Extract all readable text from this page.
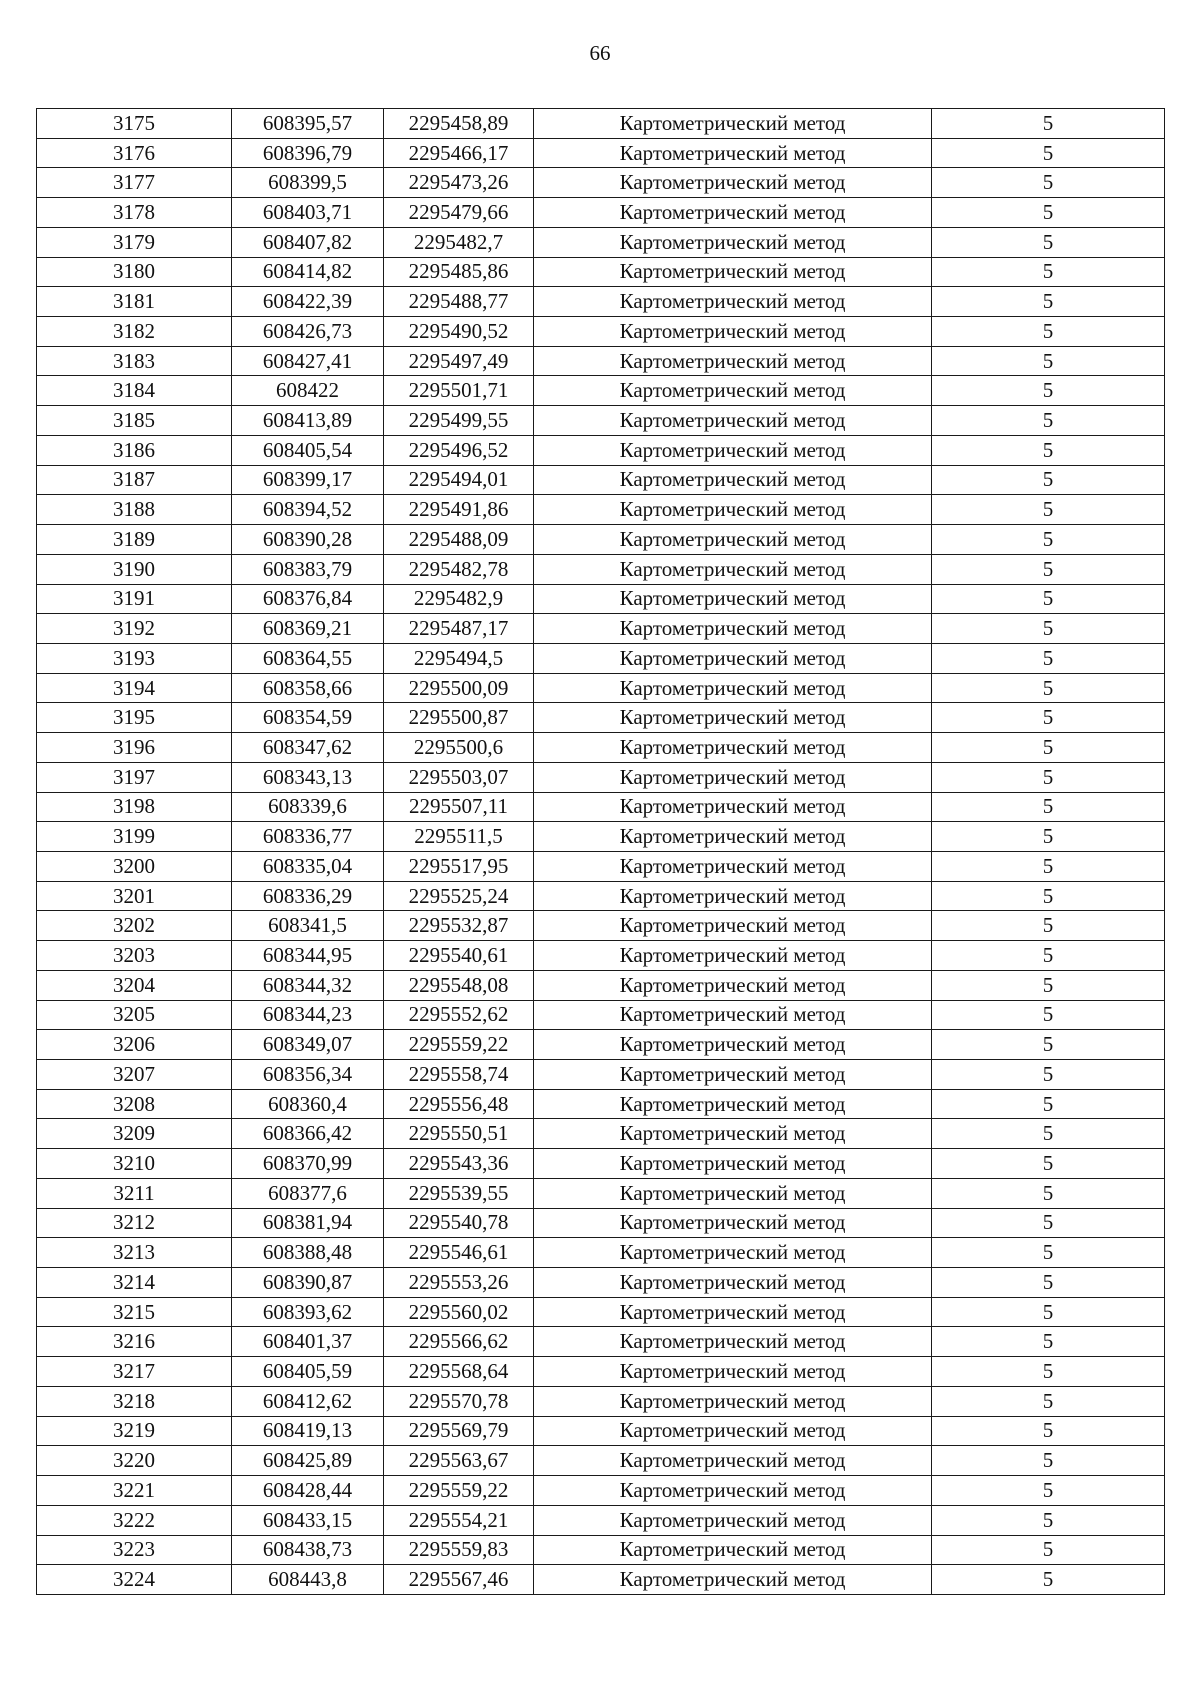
66
3175	608395,57	2295458,89	Картометрический метод	5
3176	608396,79	2295466,17	Картометрический метод	5
3177	608399,5	2295473,26	Картометрический метод	5
3178	608403,71	2295479,66	Картометрический метод	5
3179	608407,82	2295482,7	Картометрический метод	5
3180	608414,82	2295485,86	Картометрический метод	5
3181	608422,39	2295488,77	Картометрический метод	5
3182	608426,73	2295490,52	Картометрический метод	5
3183	608427,41	2295497,49	Картометрический метод	5
3184	608422	2295501,71	Картометрический метод	5
3185	608413,89	2295499,55	Картометрический метод	5
3186	608405,54	2295496,52	Картометрический метод	5
3187	608399,17	2295494,01	Картометрический метод	5
3188	608394,52	2295491,86	Картометрический метод	5
3189	608390,28	2295488,09	Картометрический метод	5
3190	608383,79	2295482,78	Картометрический метод	5
3191	608376,84	2295482,9	Картометрический метод	5
3192	608369,21	2295487,17	Картометрический метод	5
3193	608364,55	2295494,5	Картометрический метод	5
3194	608358,66	2295500,09	Картометрический метод	5
3195	608354,59	2295500,87	Картометрический метод	5
3196	608347,62	2295500,6	Картометрический метод	5
3197	608343,13	2295503,07	Картометрический метод	5
3198	608339,6	2295507,11	Картометрический метод	5
3199	608336,77	2295511,5	Картометрический метод	5
3200	608335,04	2295517,95	Картометрический метод	5
3201	608336,29	2295525,24	Картометрический метод	5
3202	608341,5	2295532,87	Картометрический метод	5
3203	608344,95	2295540,61	Картометрический метод	5
3204	608344,32	2295548,08	Картометрический метод	5
3205	608344,23	2295552,62	Картометрический метод	5
3206	608349,07	2295559,22	Картометрический метод	5
3207	608356,34	2295558,74	Картометрический метод	5
3208	608360,4	2295556,48	Картометрический метод	5
3209	608366,42	2295550,51	Картометрический метод	5
3210	608370,99	2295543,36	Картометрический метод	5
3211	608377,6	2295539,55	Картометрический метод	5
3212	608381,94	2295540,78	Картометрический метод	5
3213	608388,48	2295546,61	Картометрический метод	5
3214	608390,87	2295553,26	Картометрический метод	5
3215	608393,62	2295560,02	Картометрический метод	5
3216	608401,37	2295566,62	Картометрический метод	5
3217	608405,59	2295568,64	Картометрический метод	5
3218	608412,62	2295570,78	Картометрический метод	5
3219	608419,13	2295569,79	Картометрический метод	5
3220	608425,89	2295563,67	Картометрический метод	5
3221	608428,44	2295559,22	Картометрический метод	5
3222	608433,15	2295554,21	Картометрический метод	5
3223	608438,73	2295559,83	Картометрический метод	5
3224	608443,8	2295567,46	Картометрический метод	5
